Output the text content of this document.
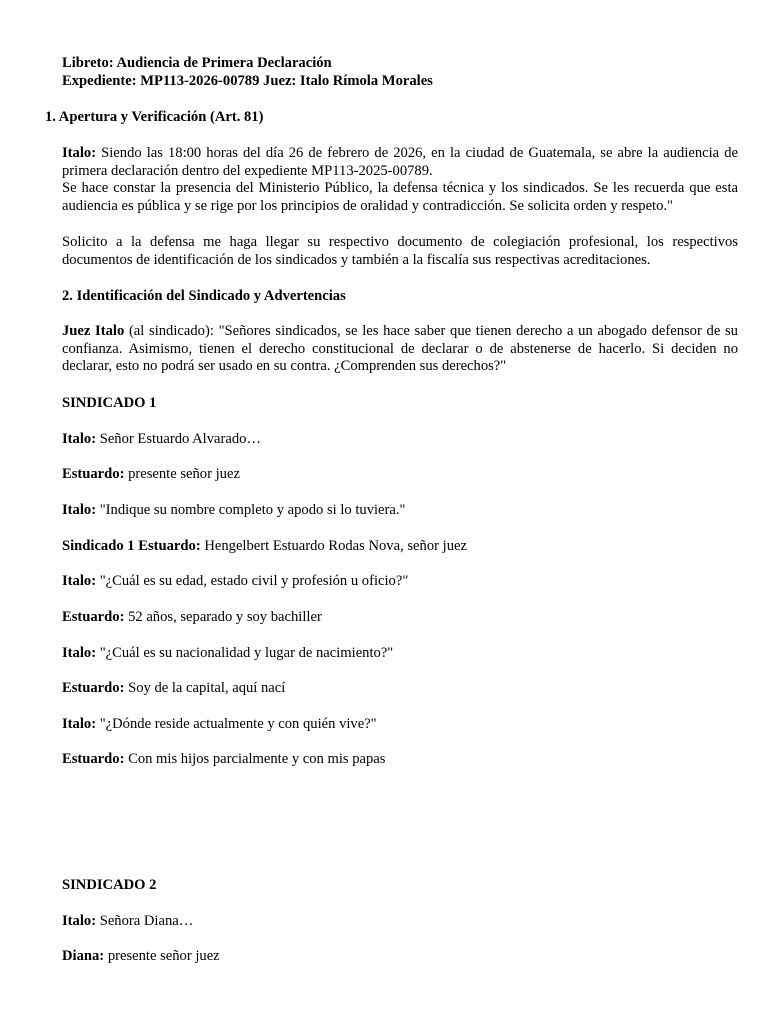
Libreto: Audiencia de Primera Declaración
Expediente: MP113-2026-00789 Juez: Italo Rímola Morales
1. Apertura y Verificación (Art. 81)
Italo: Siendo las 18:00 horas del día 26 de febrero de 2026, en la ciudad de Guatemala, se abre la audiencia de primera declaración dentro del expediente MP113-2025-00789.
Se hace constar la presencia del Ministerio Público, la defensa técnica y los sindicados. Se les recuerda que esta audiencia es pública y se rige por los principios de oralidad y contradicción. Se solicita orden y respeto."
Solicito a la defensa me haga llegar su respectivo documento de colegiación profesional, los respectivos documentos de identificación de los sindicados y también a la fiscalía sus respectivas acreditaciones.
2. Identificación del Sindicado y Advertencias
Juez Italo (al sindicado): "Señores sindicados, se les hace saber que tienen derecho a un abogado defensor de su confianza. Asimismo, tienen el derecho constitucional de declarar o de abstenerse de hacerlo. Si deciden no declarar, esto no podrá ser usado en su contra. ¿Comprenden sus derechos?"
SINDICADO 1
Italo: Señor Estuardo Alvarado…
Estuardo: presente señor juez
Italo: "Indique su nombre completo y apodo si lo tuviera."
Sindicado 1 Estuardo: Hengelbert Estuardo Rodas Nova, señor juez
Italo: "¿Cuál es su edad, estado civil y profesión u oficio?"
Estuardo: 52 años, separado y soy bachiller
Italo: "¿Cuál es su nacionalidad y lugar de nacimiento?"
Estuardo: Soy de la capital, aquí nací
Italo: "¿Dónde reside actualmente y con quién vive?"
Estuardo: Con mis hijos parcialmente y con mis papas
SINDICADO 2
Italo: Señora Diana…
Diana: presente señor juez
